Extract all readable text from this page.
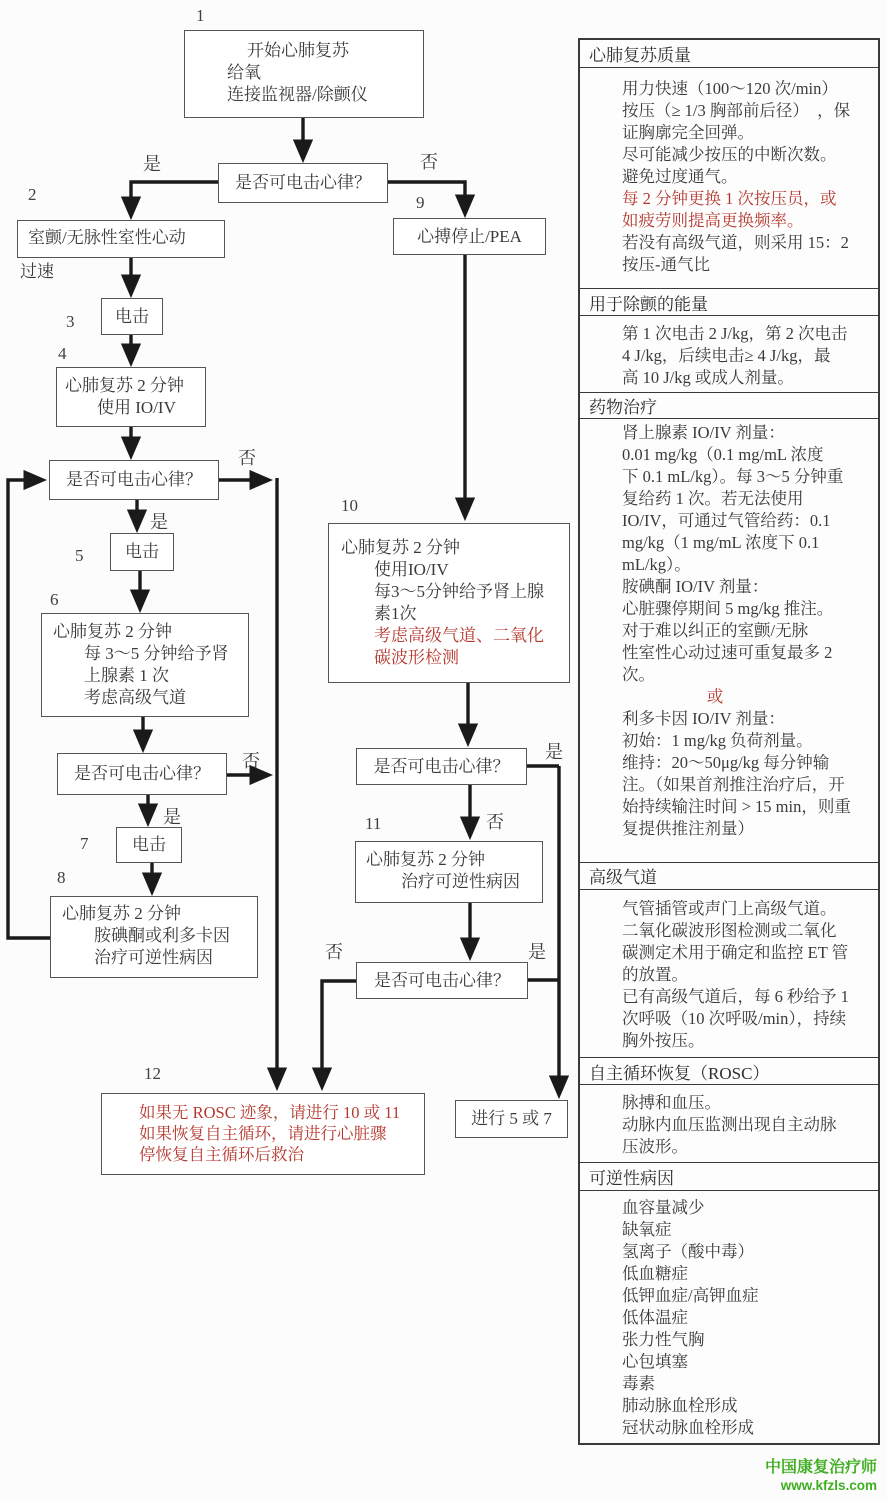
1
开始心肺复苏
给氧
连接监视器/除颤仪
是	否
是否可电击心律？
2
室颤/无脉性室性心动
过速
3	电击
4
心肺复苏 2 分钟
使用 IO/IV
否
是否可电击心律？
是
5	电击
6
心肺复苏 2 分钟
每 3～5 分钟给予肾
上腺素 1 次
考虑高级气道
否
是否可电击心律？
是
7	电击
8
心肺复苏 2 分钟
胺碘酮或利多卡因
治疗可逆性病因
9
心搏停止/PEA
10
心肺复苏 2 分钟
使用IO/IV
每3～5分钟给予肾上腺
素1次
考虑高级气道、二氧化
碳波形检测
是
是否可电击心律？
否
11
心肺复苏 2 分钟
治疗可逆性病因
否	是
是否可电击心律？
12
如果无 ROSC 迹象，请进行 10 或 11
如果恢复自主循环，请进行心脏骤
停恢复自主循环后救治
进行 5 或 7
心肺复苏质量
用力快速（100～120 次/min）
按压（≥ 1/3 胸部前后径）  ，保
证胸廓完全回弹。
尽可能减少按压的中断次数。
避免过度通气。
每 2 分钟更换 1 次按压员，或
如疲劳则提高更换频率。
若没有高级气道，则采用 15：2
按压-通气比
用于除颤的能量
第 1 次电击 2 J/kg，第 2 次电击
4 J/kg，后续电击≥ 4 J/kg，最
高 10 J/kg 或成人剂量。
药物治疗
肾上腺素 IO/IV 剂量：
0.01 mg/kg（0.1 mg/mL 浓度
下 0.1 mL/kg）。每 3～5 分钟重
复给药 1 次。若无法使用
IO/IV，可通过气管给药：0.1
mg/kg（1 mg/mL 浓度下 0.1
mL/kg）。
胺碘酮 IO/IV 剂量：
心脏骤停期间 5 mg/kg 推注。
对于难以纠正的室颤/无脉
性室性心动过速可重复最多 2
次。
或
利多卡因 IO/IV 剂量：
初始：1 mg/kg 负荷剂量。
维持：20～50μg/kg 每分钟输
注。（如果首剂推注治疗后，开
始持续输注时间 > 15 min，则重
复提供推注剂量）
高级气道
气管插管或声门上高级气道。
二氧化碳波形图检测或二氧化
碳测定术用于确定和监控 ET 管
的放置。
已有高级气道后，每 6 秒给予 1
次呼吸（10 次呼吸/min），持续
胸外按压。
自主循环恢复（ROSC）
脉搏和血压。
动脉内血压监测出现自主动脉
压波形。
可逆性病因
血容量减少
缺氧症
氢离子（酸中毒）
低血糖症
低钾血症/高钾血症
低体温症
张力性气胸
心包填塞
毒素
肺动脉血栓形成
冠状动脉血栓形成
中国康复治疗师
www.kfzls.com
